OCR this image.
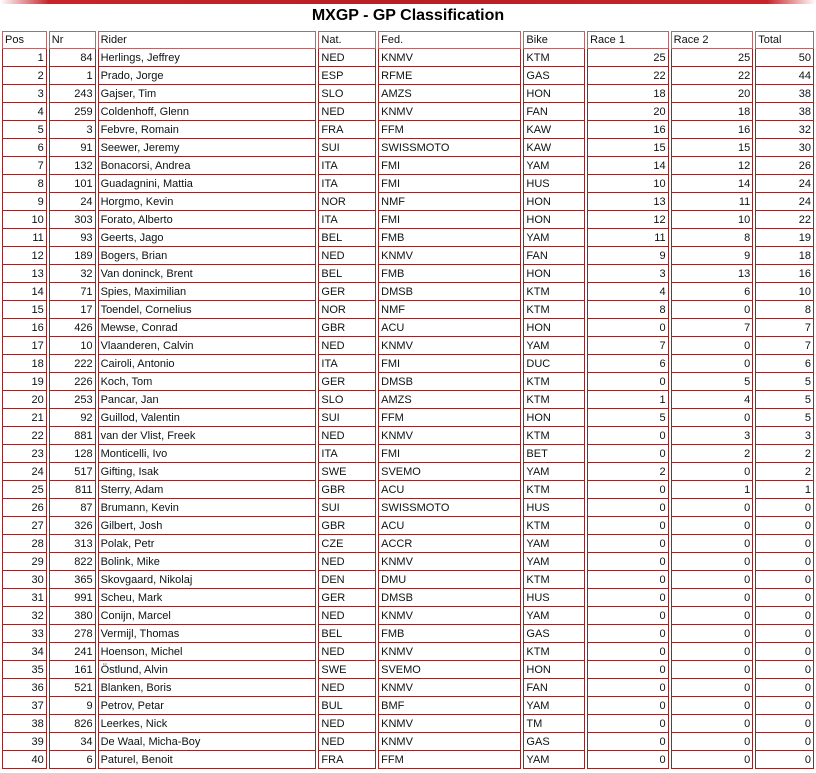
MXGP - GP Classification
Pos	Nr	Rider	Nat.	Fed.	Bike	Race 1	Race 2	Total
1	84	Herlings, Jeffrey	NED	KNMV	KTM	25	25	50
2	1	Prado, Jorge	ESP	RFME	GAS	22	22	44
3	243	Gajser, Tim	SLO	AMZS	HON	18	20	38
4	259	Coldenhoff, Glenn	NED	KNMV	FAN	20	18	38
5	3	Febvre, Romain	FRA	FFM	KAW	16	16	32
6	91	Seewer, Jeremy	SUI	SWISSMOTO	KAW	15	15	30
7	132	Bonacorsi, Andrea	ITA	FMI	YAM	14	12	26
8	101	Guadagnini, Mattia	ITA	FMI	HUS	10	14	24
9	24	Horgmo, Kevin	NOR	NMF	HON	13	11	24
10	303	Forato, Alberto	ITA	FMI	HON	12	10	22
11	93	Geerts, Jago	BEL	FMB	YAM	11	8	19
12	189	Bogers, Brian	NED	KNMV	FAN	9	9	18
13	32	Van doninck, Brent	BEL	FMB	HON	3	13	16
14	71	Spies, Maximilian	GER	DMSB	KTM	4	6	10
15	17	Toendel, Cornelius	NOR	NMF	KTM	8	0	8
16	426	Mewse, Conrad	GBR	ACU	HON	0	7	7
17	10	Vlaanderen, Calvin	NED	KNMV	YAM	7	0	7
18	222	Cairoli, Antonio	ITA	FMI	DUC	6	0	6
19	226	Koch, Tom	GER	DMSB	KTM	0	5	5
20	253	Pancar, Jan	SLO	AMZS	KTM	1	4	5
21	92	Guillod, Valentin	SUI	FFM	HON	5	0	5
22	881	van der Vlist, Freek	NED	KNMV	KTM	0	3	3
23	128	Monticelli, Ivo	ITA	FMI	BET	0	2	2
24	517	Gifting, Isak	SWE	SVEMO	YAM	2	0	2
25	811	Sterry, Adam	GBR	ACU	KTM	0	1	1
26	87	Brumann, Kevin	SUI	SWISSMOTO	HUS	0	0	0
27	326	Gilbert, Josh	GBR	ACU	KTM	0	0	0
28	313	Polak, Petr	CZE	ACCR	YAM	0	0	0
29	822	Bolink, Mike	NED	KNMV	YAM	0	0	0
30	365	Skovgaard, Nikolaj	DEN	DMU	KTM	0	0	0
31	991	Scheu, Mark	GER	DMSB	HUS	0	0	0
32	380	Conijn, Marcel	NED	KNMV	YAM	0	0	0
33	278	Vermijl, Thomas	BEL	FMB	GAS	0	0	0
34	241	Hoenson, Michel	NED	KNMV	KTM	0	0	0
35	161	Östlund, Alvin	SWE	SVEMO	HON	0	0	0
36	521	Blanken, Boris	NED	KNMV	FAN	0	0	0
37	9	Petrov, Petar	BUL	BMF	YAM	0	0	0
38	826	Leerkes, Nick	NED	KNMV	TM	0	0	0
39	34	De Waal, Micha-Boy	NED	KNMV	GAS	0	0	0
40	6	Paturel, Benoit	FRA	FFM	YAM	0	0	0
